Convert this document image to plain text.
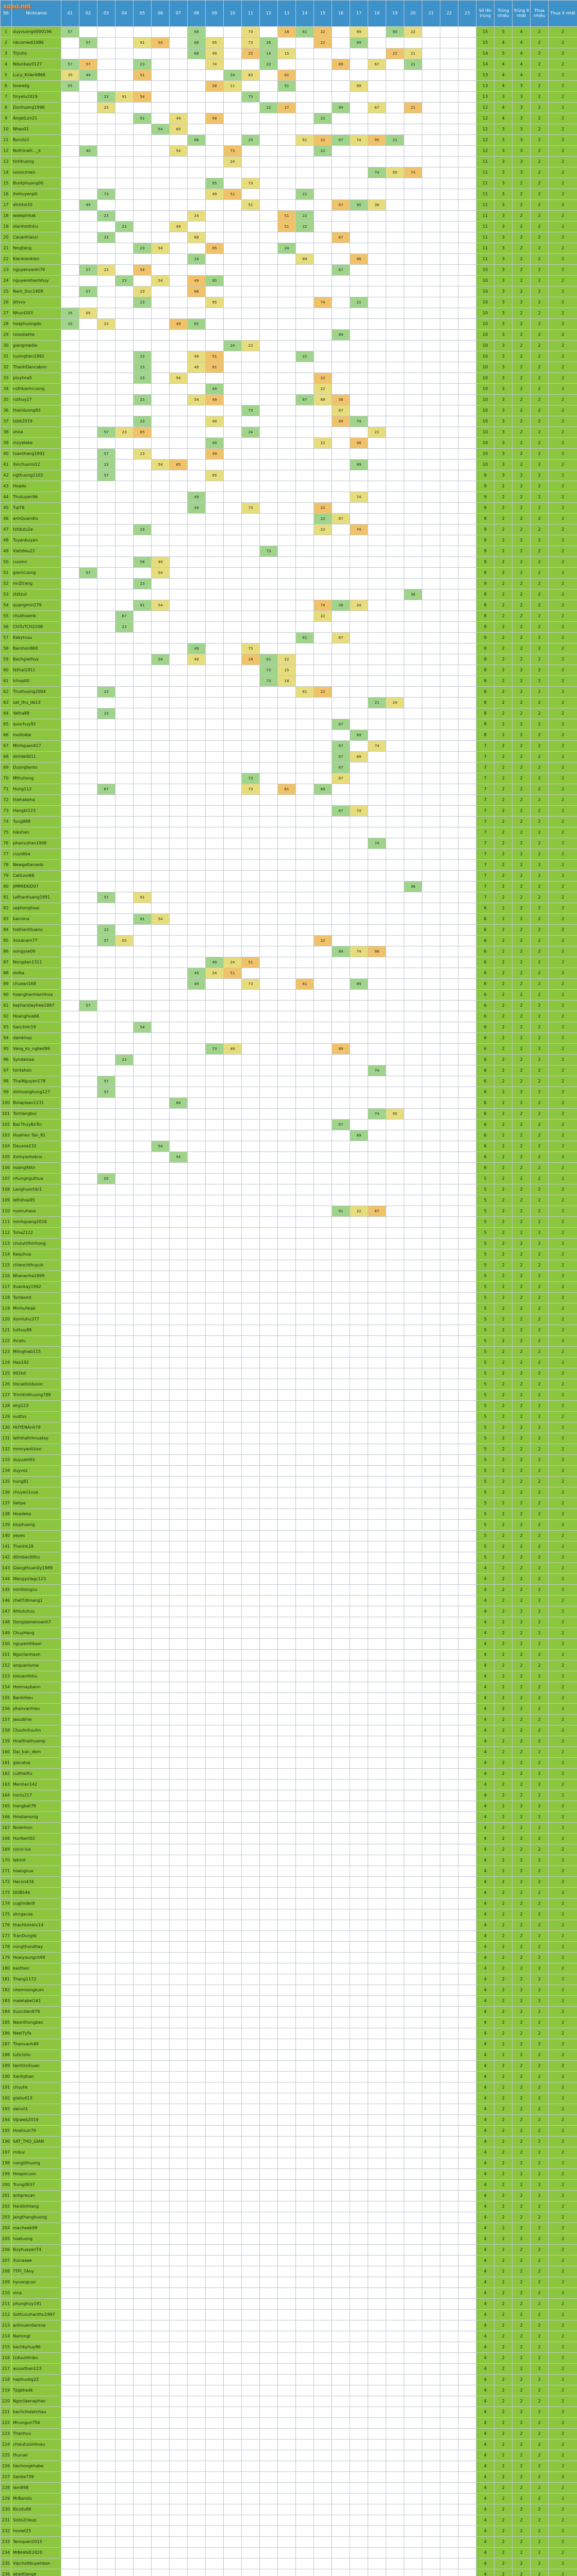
xoso.net
Stt	Nickname	01	02	03	04	05	06	07	08	09	10	11	12	13	14	15	16	17	18	19	20	21	22	23	Số lần trúng	Trúng nhiều	Trúng ít nhất	Thua nhiều	Thua ít nhất
1	duyvuong0000196	57							68			73		18	61	22		89		95	22				15	5	4	2	2
2	nbcomedi1986		57			91	54		68	95		73	26			22		89							15	4	4	2	2
3	Ttyuhs								68	49		25	14	15						22	21				14	5	4	2	2
4	Ndunbay0127	57	57			23				74			22				89		67		21				14	4	4	2	2
5	Lucy_Killer6868	35	49			51					24	83		61											13	4	4	2	2
6	loveadg	05								58	11			91				99							13	4	3	2	2
7	tinyelu2019			23	91	54						73													13	3	3	2	2
8	Donhuong1996			23									22	27			89		67		21				12	4	3	2	2
9	AngelLon21					91		49		58						22									12	4	3	2	2
10	Nhao01						54	65																	12	3	3	2	2
11	Boruto1								68			25			61	22	67	74	95	21					12	3	3	2	2
12	Nothinwh..._k		40					54			73					22									12	3	3	2	2
13	tinhhuong										24														11	3	3	2	2
14	sovucmien																		74	95	74				11	3	3	2	2
15	Buntphuong00									95		73													11	3	2	2	2
16	Ihohuyenp0			73						49	51				21										11	3	2	2	2
17	dinhtoi10		49									51					67	95	36						11	3	2	2	2
18	walepinkak			23					24					51	22										11	3	2	2	2
19	dianhmtnhu				23			49						51	22										11	3	2	2	2
20	Cauanhiassi			23					68								67								11	3	2	2	2
21	fengtang					23	54			95				24											11	3	2	2	2
22	Kienkienkien								24						89			96							11	3	2	2	2
23	nguyenvanhi79		57	23		54											67								10	3	2	2	2
24	nguyenkhanhhuy				23		54		49	95															10	3	2	2	2
25	Nam_Duc1409		57			23			68																10	3	2	2	2
26	jktvvy					23				95						74		21							10	3	2	2	2
27	Nhunl203	35	05																						10	3	2	2	2
28	hoaphuongdo	35		23				49	65																10	3	2	2	2
29	roixoilathe																89								10	3	2	2	2
30	giangmedia										24	22													10	3	2	2	2
31	nuongtien1992					23			49	51					22										10	3	2	2	2
32	ThanhDancabnn					23			49	91															10	3	2	2	2
33	pluyhoa5					23		54								22									10	3	2	2	2
34	nsthkanhcuong									49						22									10	3	2	2	2
35	ruthuy27					23			54	49					67	89	36								10	3	2	2	2
36	thanduong93											73					67								10	3	2	2	2
37	tsbb2019					23				49							89	74							10	3	2	2	2
38	vhoa			57	23	65						24							21						10	3	2	2	2
39	mzyeleke									49						22		36							10	3	2	2	2
40	tuanthang1992			57		23				49															10	3	2	2	2
41	Xinchuoroi12			23			54	65										89							10	3	2	2	2
42	ngthuong1102			57						95															9	3	2	2	2
43	Hoado																								9	2	2	2	2
44	Thutuyen96								49									74							9	2	2	2	2
45	Tql78								49			73				22									9	2	2	2	2
46	anhQuandiu															22	67								9	2	2	2	2
47	tstdutu1e					23										22		74							9	2	2	2	2
48	Tuyenbuyen																								9	2	2	2	2
49	Vietdieu22												73												9	2	2	2	2
50	cuumn					58	49																		9	2	2	2	2
51	giamcuong		57				54																		9	2	2	2	2
52	mrZtrang					23																			9	2	2	2	2
53	ztztzut																				36				8	2	2	2	2
54	quangmin279					91	54									74	36	24							8	2	2	2	2
55	chuthoamk				67											22									8	2	2	2	2
56	ChiTuTCH2208				23																				8	2	2	2	2
57	Kakytvuu														61		67								8	2	2	2	2
58	Bamhon860								49			73													8	2	2	2	2
59	Bachgiathuy						54		49			18	61	22											8	2	2	2	2
60	tkthai1911												73	15											8	2	2	2	2
61	Ichop00												73	18											8	2	2	2	2
62	Thuthuong2004			23											61	22									8	2	2	2	2
63	sat_thu_de13																		21	24					8	2	2	2	2
64	Yatha88			23																					8	2	2	2	2
65	quochuy92																67								8	2	2	2	2
66	moitoibe																	89							8	2	2	2	2
67	Minhquan417																67		74						7	2	2	2	2
68	dinhle0011																67	89							7	2	2	2	2
69	Duongtanto																67								7	2	2	2	2
70	Mthuhong											73					67								7	2	2	2	2
71	Hung112			67								73		61		89									7	2	2	2	2
72	thehakeha																								7	2	2	2	2
73	Hangkt123																67	74							7	2	2	2	2
74	Tung888																								7	2	2	2	2
75	hieshan																								7	2	2	2	2
76	phanvuhan1906																		74						7	2	2	2	2
77	cuyidiba																								7	2	2	2	2
78	Newgeltanxelo																								7	2	2	2	2
79	CaliLovi68																								7	2	2	2	2
80	JIMMIEKID07																				36				7	2	2	2	2
81	Lethanhsang1991			57		91																			7	2	2	2	2
82	sephonghoai																								6	2	2	2	2
83	bacnina					91	54																		6	2	2	2	2
84	trathanhtuanu			23																					6	2	2	2	2
85	Xoxanam77			57	05											22									6	2	2	2	2
86	xongyse09																89	74	96						6	2	2	2	2
87	Nongdan1311									49	24	51													6	2	2	2	2
88	doiba								49	24	51														6	2	2	2	2
89	chuean168								49			73			61			89							6	2	2	2	2
90	hoanghanhlanhhoa																								6	2	2	2	2
91	kephandayfree1997		57																						6	2	2	2	2
92	Hoanghoa66																								6	2	2	2	2
93	Sanchim19					54																			6	2	2	2	2
94	dainkhop																								6	2	2	2	2
95	Vang_ko_nglied99									73	49						89								6	2	2	2	2
96	Syndaisaa				23																				6	2	2	2	2
97	tontahon																		74						6	2	2	2	2
98	ThaiNguyen178			57																					6	2	2	2	2
99	dinhsanghung127			57																					6	2	2	2	2
100	Bolaplaan1131							68																	6	2	2	2	2
101	Tomlangbui																		74	95					6	2	2	2	2
102	BacThuyBoToi																67								6	2	2	2	2
103	Hoahien Tan_81																	89							6	2	2	2	2
104	Dauxoa232						54																		6	2	2	2	2
105	Xomyxohobnx							54																	6	2	2	2	2
106	hoanglt6tn																								6	2	2	2	2
107	nhungnguthua			05																					5	2	2	2	2
108	Langhuoctiki1																								5	2	2	2	2
109	lethihoa95																								5	2	2	2	2
110	nuonuhasa																91	22	67						5	2	2	2	2
111	minhquang2016																								5	2	2	2	2
112	Tuha2122																								5	2	2	2	2
113	chulutrthinhong																								5	2	2	2	2
114	Kaquhua																								5	2	2	2	2
115	chienchthuyuh																								5	2	2	2	2
116	Nhanenha1999																								5	2	2	2	2
117	ltuankay1992																								5	2	2	2	2
118	Tunlasmt																								5	2	2	2	2
119	Minhuhkab																								5	2	2	2	2
120	Xomluhu377																								5	2	2	2	2
121	tuthuy88																								5	2	2	2	2
122	lhcatu																								5	2	2	2	2
123	Miinghiab115																								5	2	2	2	2
124	Hao192																								5	2	2	2	2
125	902kd																								5	2	2	2	2
126	tiocaotoiduooc																								5	2	2	2	2
127	Trinhthithuong789																								5	2	2	2	2
128	ehg123																								5	2	2	2	2
129	sudtvs																								5	2	2	2	2
130	HUYENAnh79																								5	2	2	2	2
131	lethihaltrhnuatay																								5	2	2	2	2
132	mmnyanliziso																								5	2	2	2	2
133	duyuahl93																								5	2	2	2	2
134	duyvoz																								5	2	2	2	2
135	hung81																								5	2	2	2	2
136	chuyen1vua																								5	2	2	2	2
137	Ilahpa																								5	2	2	2	2
138	Hoadeka																								5	2	2	2	2
139	biophuong																								5	2	2	2	2
140	yeyes																								5	2	2	2	2
141	Thanhk18																								5	2	2	2	2
142	dtimbacttthu																								5	2	2	2	2
143	Giangthuan0y1989																								4	2	2	2	2
144	Wangyolagc123																								4	2	2	2	2
145	minhlongvu																								4	2	2	2	2
146	chetTdlmang1																								4	2	2	2	2
147	Ahtutuhuu																								4	2	2	2	2
148	Dongdamenoanh7																								4	2	2	2	2
149	ChuyHang																								4	2	2	2	2
150	nguyenthbaxr																								4	2	2	2	2
151	Ngoctanhaxh																								4	2	2	2	2
152	anquanlume																								4	2	2	2	2
153	kieuanhhhu																								4	2	2	2	2
154	Homnaybann																								4	2	2	2	2
155	BanhHieu																								4	2	2	2	2
156	phanvanhieu																								4	2	2	2	2
157	jasudime																								4	2	2	2	2
158	Ctuuhnhuuhn																								4	2	2	2	2
159	Hoatthathuamp																								4	2	2	2	2
160	Dai_ban_dem																								4	2	2	2	2
161	giacalua																								4	2	2	2	2
162	cuitheiltu																								4	2	2	2	2
163	Menhan142																								4	2	2	2	2
164	hoclu217																								4	2	2	2	2
165	trangbat79																								4	2	2	2	2
166	Hmdiamong																								4	2	2	2	2
167	Nvienhon																								4	2	2	2	2
168	Hurlbert02																								4	2	2	2	2
169	cisco-ice																								4	2	2	2	2
170	lekimt																								4	2	2	2	2
171	hoangnux																								4	2	2	2	2
172	Hacon434																								4	2	2	2	2
173	DOBS46																								4	2	2	2	2
174	cuglinder8																								4	2	2	2	2
175	xkngacoe																								4	2	2	2	2
176	thachkimkiv14																								4	2	2	2	2
177	TranDungtk																								4	2	2	2	2
178	nongthondhay																								4	2	2	2	2
179	Hoaiyoungch99																								4	2	2	2	2
180	kasthen																								4	2	2	2	2
181	Thang1172																								4	2	2	2	2
182	nhemnongkum																								4	2	2	2	2
183	malelabel161																								4	2	2	2	2
184	Xuocdien878																								4	2	2	2	2
185	Naonthongbes																								4	2	2	2	2
186	Neel7yfa																								4	2	2	2	2
187	Thanvanh49																								4	2	2	2	2
188	tuticisho																								4	2	2	2	2
189	tamtinnhuan																								4	2	2	2	2
190	Xanhphan																								4	2	2	2	2
191	chuyhk																								4	2	2	2	2
192	giabu413																								4	2	2	2	2
193	danvil1																								4	2	2	2	2
194	Vipweb2019																								4	2	2	2	2
195	Hoalisun79																								4	2	2	2	2
196	SAT_THO_GIAN																								4	2	2	2	2
197	rnduv																								4	2	2	2	2
198	nonglithuong																								4	2	2	2	2
199	Hoapocuon																								4	2	2	2	2
200	Trung0937																								4	2	2	2	2
201	antiprecan																								4	2	2	2	2
202	Haidlinhlang																								4	2	2	2	2
203	Jangthanghuong																								4	2	2	2	2
204	macheeb99																								4	2	2	2	2
205	hoatuong																								4	2	2	2	2
206	BuyhuayenT4																								4	2	2	2	2
207	Xuicaaae																								4	2	2	2	2
208	TTPi_7Any																								4	2	2	2	2
209	hyuongcuo																								4	2	2	2	2
210	vina																								4	2	2	2	2
211	phunghuy191																								4	2	2	2	2
212	Sothuvuhanthu1997																								4	2	2	2	2
213	anhnuendanroa																								4	2	2	2	2
214	Nammgl																								4	2	2	2	2
215	bachkyhuy86																								4	2	2	2	2
216	Ltduuhthien																								4	2	2	2	2
217	aiuuvthan123																								4	2	2	2	2
218	haphuvbg22																								4	2	2	2	2
219	Tpgkkadk																								4	2	2	2	2
220	Ngoctaenaphao																								4	2	2	2	2
221	bachchidatnhau																								4	2	2	2	2
222	Mnungun756																								4	2	2	2	2
223	Thanhuu																								4	2	2	2	2
224	chieutuoinhnau																								4	2	2	2	2
225	thuruei																								4	2	2	2	2
226	tiachongkhabe																								4	2	2	2	2
227	Sanbe739																								4	2	2	2	2
228	lam898																								4	2	2	2	2
229	MrBandis																								4	2	2	2	2
230	Ricotu98																								4	2	2	2	2
231	Sisto2rieup																								4	2	2	2	2
232	hoviet25																								4	2	2	2	2
233	Temquen2015																								4	2	2	2	2
234	MINHAVE2020																								4	2	2	2	2
235	Vipchoitbuyenbon																								4	2	2	2	2
236	abadtiange																								4	2	2	2	2
